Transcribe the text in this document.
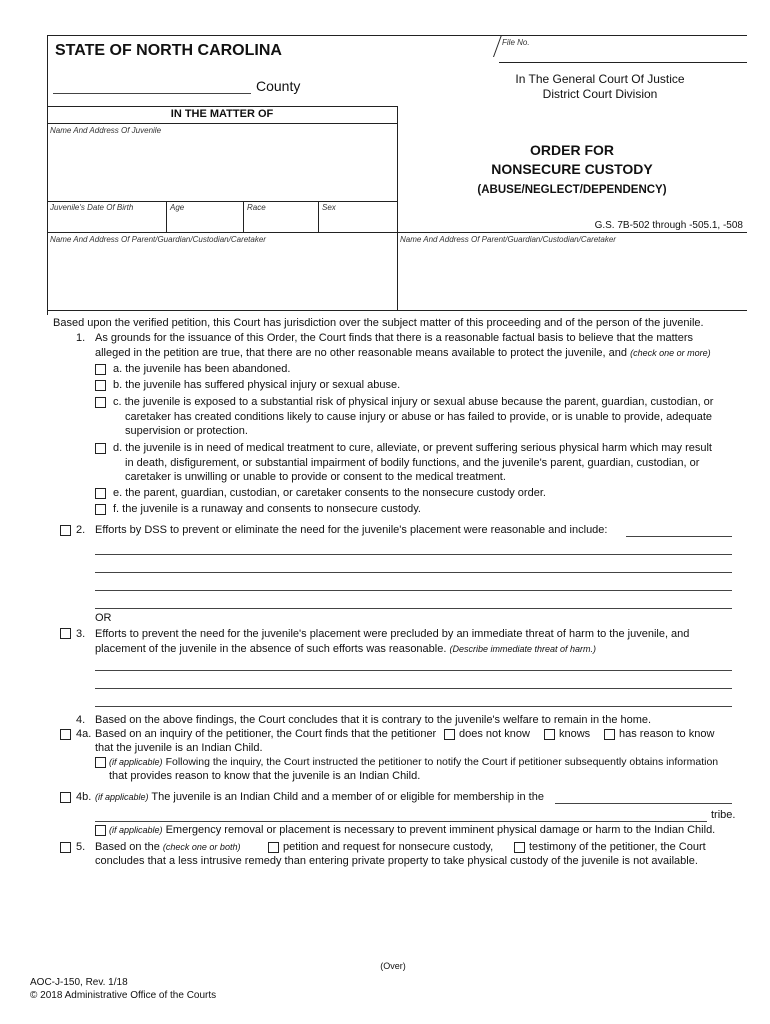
STATE OF NORTH CAROLINA
County
File No.
In The General Court Of Justice
District Court Division
IN THE MATTER OF
Name And Address Of Juvenile
Juvenile's Date Of Birth	Age	Race	Sex
Name And Address Of Parent/Guardian/Custodian/Caretaker	Name And Address Of Parent/Guardian/Custodian/Caretaker
ORDER FOR
NONSECURE CUSTODY
(ABUSE/NEGLECT/DEPENDENCY)
G.S. 7B-502 through -505.1, -508
Based upon the verified petition, this Court has jurisdiction over the subject matter of this proceeding and of the person of the juvenile.
1. As grounds for the issuance of this Order, the Court finds that there is a reasonable factual basis to believe that the matters
alleged in the petition are true, that there are no other reasonable means available to protect the juvenile, and (check one or more)
a. the juvenile has been abandoned.
b. the juvenile has suffered physical injury or sexual abuse.
c. the juvenile is exposed to a substantial risk of physical injury or sexual abuse because the parent, guardian, custodian, or
caretaker has created conditions likely to cause injury or abuse or has failed to provide, or is unable to provide, adequate
supervision or protection.
d. the juvenile is in need of medical treatment to cure, alleviate, or prevent suffering serious physical harm which may result
in death, disfigurement, or substantial impairment of bodily functions, and the juvenile's parent, guardian, custodian, or
caretaker is unwilling or unable to provide or consent to the medical treatment.
e. the parent, guardian, custodian, or caretaker consents to the nonsecure custody order.
f. the juvenile is a runaway and consents to nonsecure custody.
2. Efforts by DSS to prevent or eliminate the need for the juvenile's placement were reasonable and include:
OR
3. Efforts to prevent the need for the juvenile's placement were precluded by an immediate threat of harm to the juvenile, and
placement of the juvenile in the absence of such efforts was reasonable. (Describe immediate threat of harm.)
4. Based on the above findings, the Court concludes that it is contrary to the juvenile's welfare to remain in the home.
4a. Based on an inquiry of the petitioner, the Court finds that the petitioner does not know	knows	has reason to know
that the juvenile is an Indian Child.
(if applicable) Following the inquiry, the Court instructed the petitioner to notify the Court if petitioner subsequently obtains information
that provides reason to know that the juvenile is an Indian Child.
4b. (if applicable) The juvenile is an Indian Child and a member of or eligible for membership in the
tribe.
(if applicable) Emergency removal or placement is necessary to prevent imminent physical damage or harm to the Indian Child.
5. Based on the (check one or both)	petition and request for nonsecure custody,	testimony of the petitioner, the Court
concludes that a less intrusive remedy than entering private property to take physical custody of the juvenile is not available.
(Over)
AOC-J-150, Rev. 1/18
© 2018 Administrative Office of the Courts
